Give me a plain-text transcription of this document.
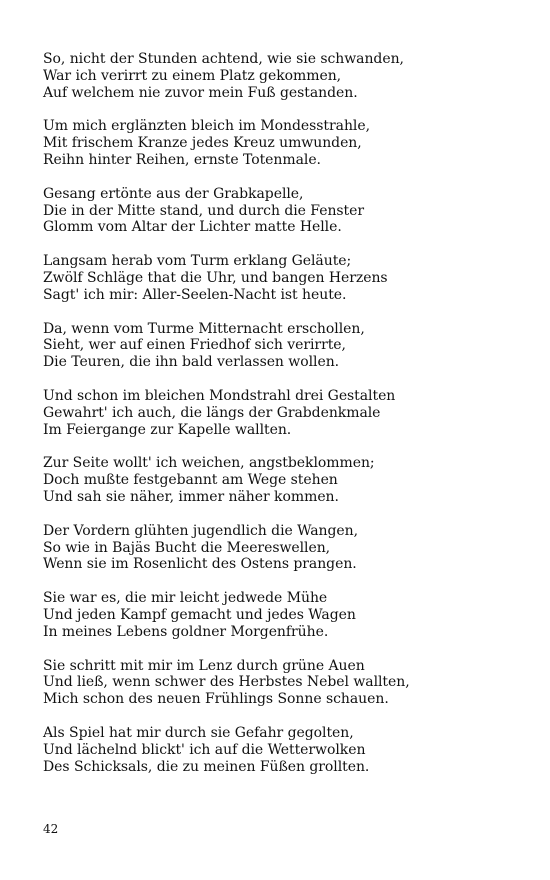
So, nicht der Stunden achtend, wie sie schwanden,
War ich verirrt zu einem Platz gekommen,
Auf welchem nie zuvor mein Fuß gestanden.
Um mich erglänzten bleich im Mondesstrahle,
Mit frischem Kranze jedes Kreuz umwunden,
Reihn hinter Reihen, ernste Totenmale.
Gesang ertönte aus der Grabkapelle,
Die in der Mitte stand, und durch die Fenster
Glomm vom Altar der Lichter matte Helle.
Langsam herab vom Turm erklang Geläute;
Zwölf Schläge that die Uhr, und bangen Herzens
Sagt' ich mir: Aller-Seelen-Nacht ist heute.
Da, wenn vom Turme Mitternacht erschollen,
Sieht, wer auf einen Friedhof sich verirrte,
Die Teuren, die ihn bald verlassen wollen.
Und schon im bleichen Mondstrahl drei Gestalten
Gewahrt' ich auch, die längs der Grabdenkmale
Im Feiergange zur Kapelle wallten.
Zur Seite wollt' ich weichen, angstbeklommen;
Doch mußte festgebannt am Wege stehen
Und sah sie näher, immer näher kommen.
Der Vordern glühten jugendlich die Wangen,
So wie in Bajäs Bucht die Meereswellen,
Wenn sie im Rosenlicht des Ostens prangen.
Sie war es, die mir leicht jedwede Mühe
Und jeden Kampf gemacht und jedes Wagen
In meines Lebens goldner Morgenfrühe.
Sie schritt mit mir im Lenz durch grüne Auen
Und ließ, wenn schwer des Herbstes Nebel wallten,
Mich schon des neuen Frühlings Sonne schauen.
Als Spiel hat mir durch sie Gefahr gegolten,
Und lächelnd blickt' ich auf die Wetterwolken
Des Schicksals, die zu meinen Füßen grollten.
42
